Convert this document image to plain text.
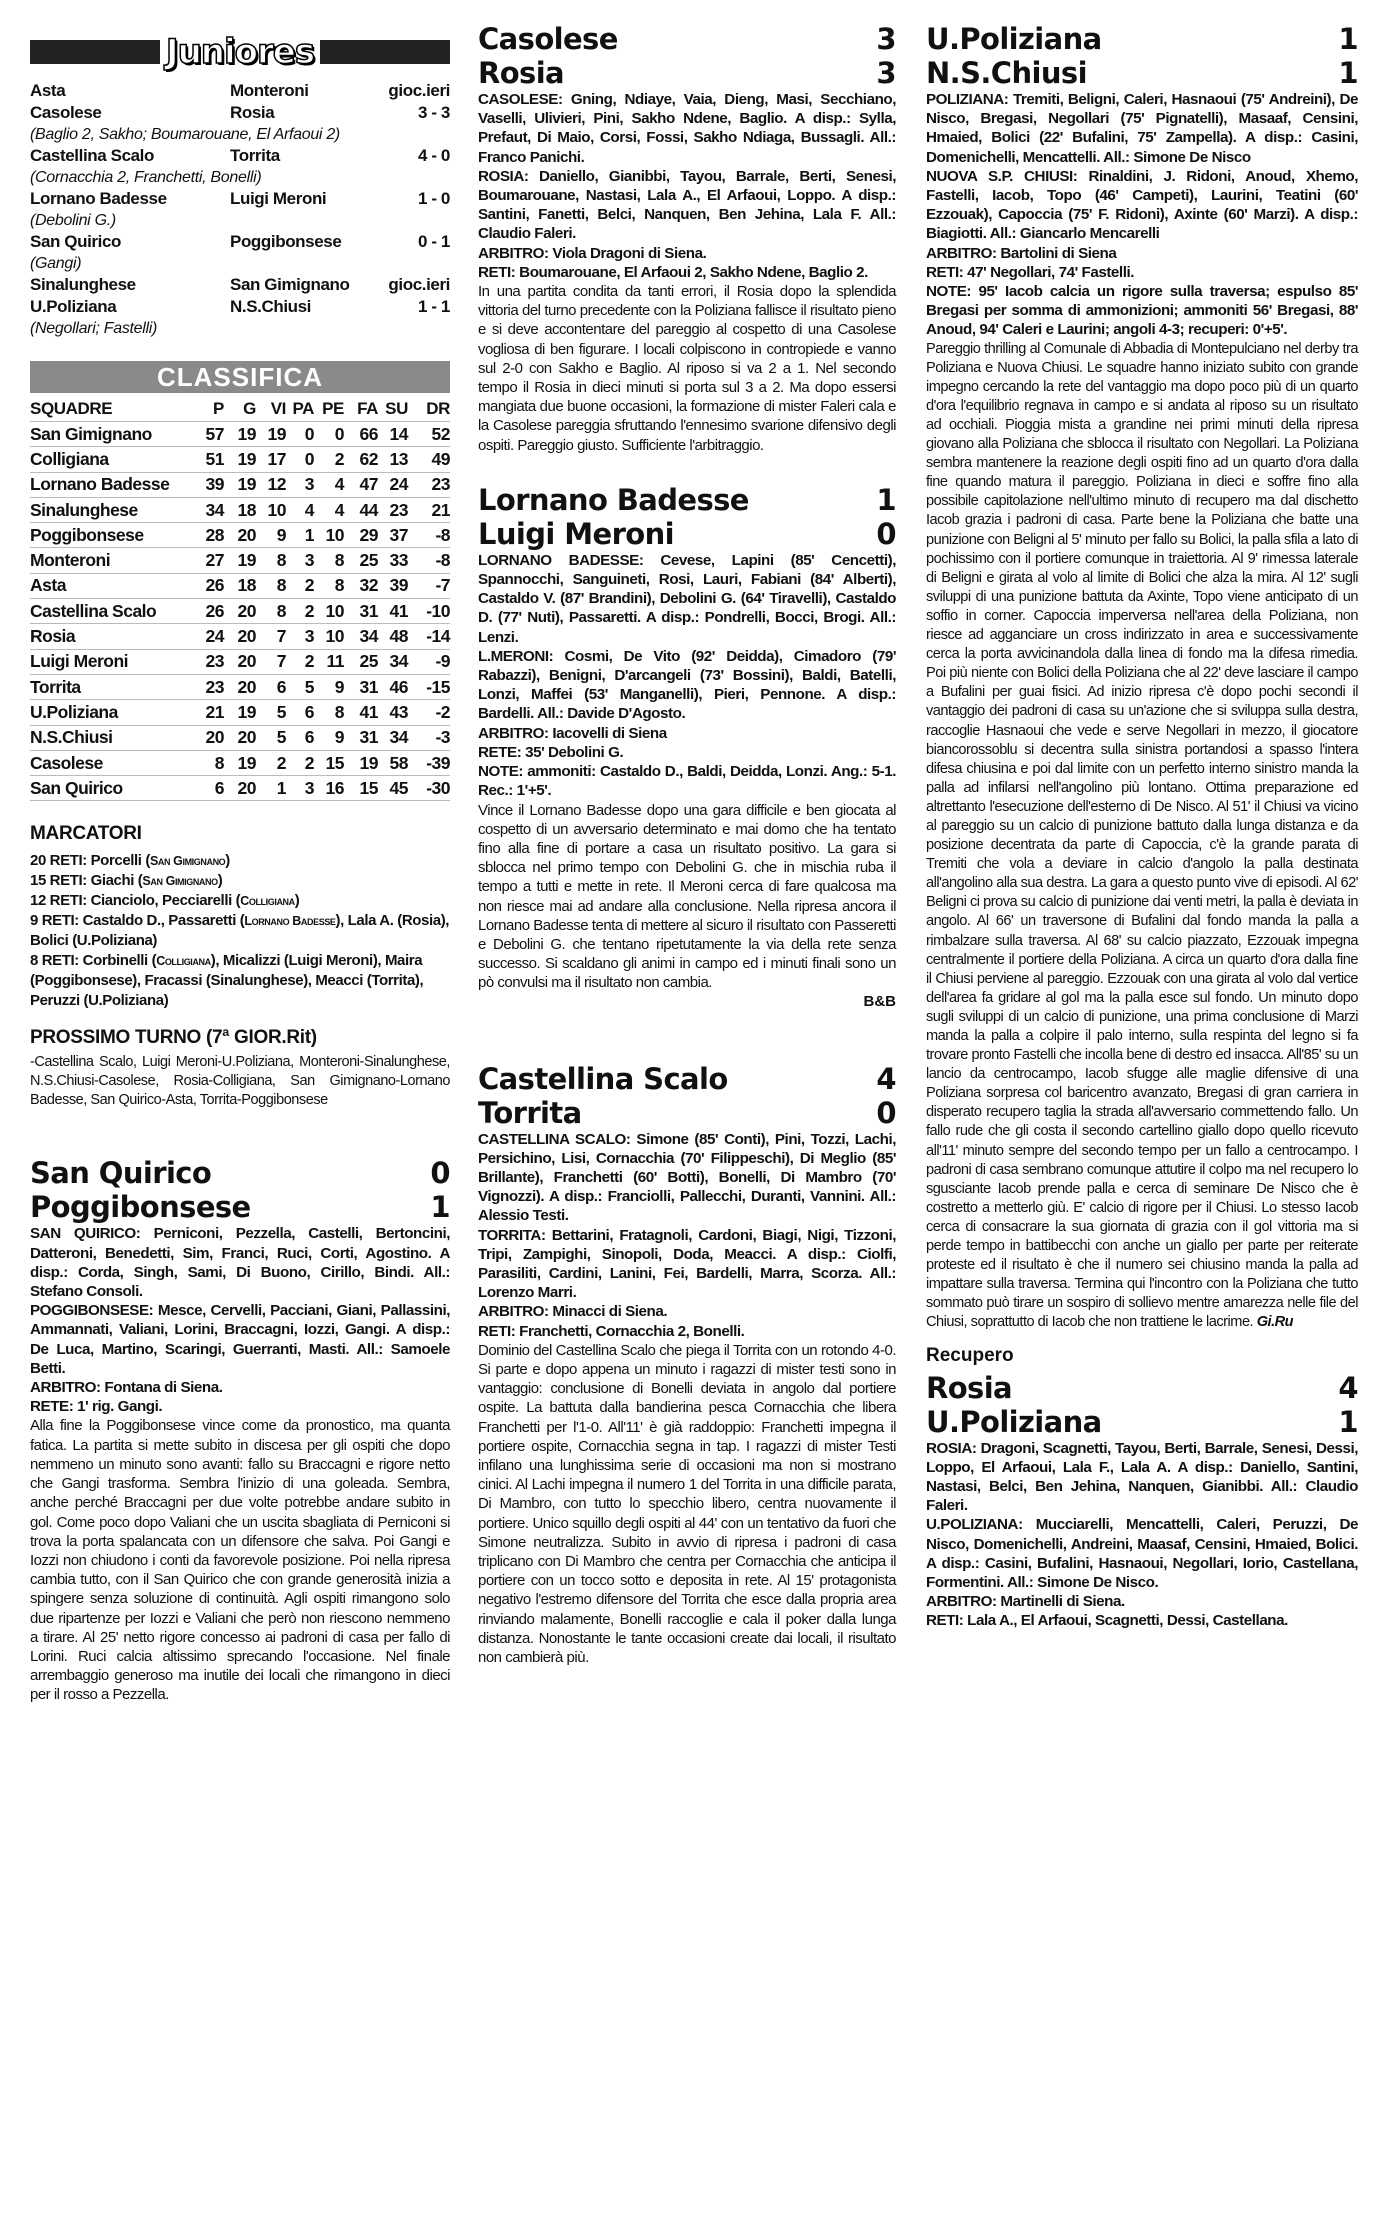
Juniores
Asta	Monteroni	gioc.ieri
Casolese	Rosia	3 - 3
(Baglio 2, Sakho; Boumarouane, El Arfaoui 2)
Castellina Scalo	Torrita	4 - 0
(Cornacchia 2, Franchetti, Bonelli)
Lornano Badesse	Luigi Meroni	1 - 0
(Debolini G.)
San Quirico	Poggibonsese	0 - 1
(Gangi)
Sinalunghese	San Gimignano	gioc.ieri
U.Poliziana	N.S.Chiusi	1 - 1
(Negollari; Fastelli)
CLASSIFICA
SQUADRE	P	G	VI	PA	PE	FA	SU	DR
San Gimignano	57	19	19	0	0	66	14	52
Colligiana	51	19	17	0	2	62	13	49
Lornano Badesse	39	19	12	3	4	47	24	23
Sinalunghese	34	18	10	4	4	44	23	21
Poggibonsese	28	20	9	1	10	29	37	-8
Monteroni	27	19	8	3	8	25	33	-8
Asta	26	18	8	2	8	32	39	-7
Castellina Scalo	26	20	8	2	10	31	41	-10
Rosia	24	20	7	3	10	34	48	-14
Luigi Meroni	23	20	7	2	11	25	34	-9
Torrita	23	20	6	5	9	31	46	-15
U.Poliziana	21	19	5	6	8	41	43	-2
N.S.Chiusi	20	20	5	6	9	31	34	-3
Casolese	8	19	2	2	15	19	58	-39
San Quirico	6	20	1	3	16	15	45	-30
MARCATORI
20 RETI: Porcelli (San Gimignano)
15 RETI: Giachi (San Gimignano)
12 RETI: Cianciolo, Pecciarelli (Colligiana)
9 RETI: Castaldo D., Passaretti (Lornano Badesse), Lala A. (Rosia), Bolici (U.Poliziana)
8 RETI: Corbinelli (Colligiana), Micalizzi (Luigi Meroni), Maira (Poggibonsese), Fracassi (Sinalunghese), Meacci (Torrita), Peruzzi (U.Poliziana)
PROSSIMO TURNO (7ª GIOR.Rit)
-Castellina Scalo, Luigi Meroni-U.Poliziana, Monteroni-Sinalunghese, N.S.Chiusi-Casolese, Rosia-Colligiana, San Gimignano-Lornano Badesse, San Quirico-Asta, Torrita-Poggibonsese
San Quirico	0
Poggibonsese	1

SAN QUIRICO: Perniconi, Pezzella, Castelli, Bertoncini, Datteroni, Benedetti, Sim, Franci, Ruci, Corti, Agostino. A disp.: Corda, Singh, Sami, Di Buono, Cirillo, Bindi. All.: Stefano Consoli.

POGGIBONSESE: Mesce, Cervelli, Pacciani, Giani, Pallassini, Ammannati, Valiani, Lorini, Braccagni, Iozzi, Gangi. A disp.: De Luca, Martino, Scaringi, Guerranti, Masti. All.: Samoele Betti.

ARBITRO: Fontana di Siena.

RETE: 1' rig. Gangi.

Alla fine la Poggibonsese vince come da pronostico, ma quanta fatica. La partita si mette subito in discesa per gli ospiti che dopo nemmeno un minuto sono avanti: fallo su Braccagni e rigore netto che Gangi trasforma. Sembra l'inizio di una goleada. Sembra, anche perché Braccagni per due volte potrebbe andare subito in gol. Come poco dopo Valiani che un uscita sbagliata di Perniconi si trova la porta spalancata con un difensore che salva. Poi Gangi e Iozzi non chiudono i conti da favorevole posizione. Poi nella ripresa cambia tutto, con il San Quirico che con grande generosità inizia a spingere senza soluzione di continuità. Agli ospiti rimangono solo due ripartenze per Iozzi e Valiani che però non riescono nemmeno a tirare. Al 25' netto rigore concesso ai padroni di casa per fallo di Lorini. Ruci calcia altissimo sprecando l'occasione. Nel finale arrembaggio generoso ma inutile dei locali che rimangono in dieci per il rosso a Pezzella.

Casolese	3
Rosia	3

CASOLESE: Gning, Ndiaye, Vaia, Dieng, Masi, Secchiano, Vaselli, Ulivieri, Pini, Sakho Ndene, Baglio. A disp.: Sylla, Prefaut, Di Maio, Corsi, Fossi, Sakho Ndiaga, Bussagli. All.: Franco Panichi.

ROSIA: Daniello, Gianibbi, Tayou, Barrale, Berti, Senesi, Boumarouane, Nastasi, Lala A., El Arfaoui, Loppo. A disp.: Santini, Fanetti, Belci, Nanquen, Ben Jehina, Lala F. All.: Claudio Faleri.

ARBITRO: Viola Dragoni di Siena.

RETI: Boumarouane, El Arfaoui 2, Sakho Ndene, Baglio 2.

In una partita condita da tanti errori, il Rosia dopo la splendida vittoria del turno precedente con la Poliziana fallisce il risultato pieno e si deve accontentare del pareggio al cospetto di una Casolese vogliosa di ben figurare. I locali colpiscono in contropiede e vanno sul 2-0 con Sakho e Baglio. Al riposo si va 2 a 1. Nel secondo tempo il Rosia in dieci minuti si porta sul 3 a 2. Ma dopo essersi mangiata due buone occasioni, la formazione di mister Faleri cala e la Casolese pareggia sfruttando l'ennesimo svarione difensivo degli ospiti. Pareggio giusto. Sufficiente l'arbitraggio.

Lornano Badesse	1
Luigi Meroni	0

LORNANO BADESSE: Cevese, Lapini (85' Cencetti), Spannocchi, Sanguineti, Rosi, Lauri, Fabiani (84' Alberti), Castaldo V. (87' Brandini), Debolini G. (64' Tiravelli), Castaldo D. (77' Nuti), Passaretti. A disp.: Pondrelli, Bocci, Brogi. All.: Lenzi.

L.MERONI: Cosmi, De Vito (92' Deidda), Cimadoro (79' Rabazzi), Benigni, D'arcangeli (73' Bossini), Baldi, Batelli, Lonzi, Maffei (53' Manganelli), Pieri, Pennone. A disp.: Bardelli. All.: Davide D'Agosto.

ARBITRO: Iacovelli di Siena

RETE: 35' Debolini G.

NOTE: ammoniti: Castaldo D., Baldi, Deidda, Lonzi. Ang.: 5-1. Rec.: 1'+5'.

Vince il Lornano Badesse dopo una gara difficile e ben giocata al cospetto di un avversario determinato e mai domo che ha tentato fino alla fine di portare a casa un risultato positivo. La gara si sblocca nel primo tempo con Debolini G. che in mischia ruba il tempo a tutti e mette in rete. Il Meroni cerca di fare qualcosa ma non riesce mai ad andare alla conclusione. Nella ripresa ancora il Lornano Badesse tenta di mettere al sicuro il risultato con Passeretti e Debolini G. che tentano ripetutamente la via della rete senza successo. Si scaldano gli animi in campo ed i minuti finali sono un pò convulsi ma il risultato non cambia.

B&B

Castellina Scalo	4
Torrita	0

CASTELLINA SCALO: Simone (85' Conti), Pini, Tozzi, Lachi, Persichino, Lisi, Cornacchia (70' Filippeschi), Di Meglio (85' Brillante), Franchetti (60' Botti), Bonelli, Di Mambro (70' Vignozzi). A disp.: Franciolli, Pallecchi, Duranti, Vannini. All.: Alessio Testi.

TORRITA: Bettarini, Fratagnoli, Cardoni, Biagi, Nigi, Tizzoni, Tripi, Zampighi, Sinopoli, Doda, Meacci. A disp.: Ciolfi, Parasiliti, Cardini, Lanini, Fei, Bardelli, Marra, Scorza. All.: Lorenzo Marri.

ARBITRO: Minacci di Siena.

RETI: Franchetti, Cornacchia 2, Bonelli.

Dominio del Castellina Scalo che piega il Torrita con un rotondo 4-0. Si parte e dopo appena un minuto i ragazzi di mister testi sono in vantaggio: conclusione di Bonelli deviata in angolo dal portiere ospite. La battuta dalla bandierina pesca Cornacchia che libera Franchetti per l'1-0. All'11' è già raddoppio: Franchetti impegna il portiere ospite, Cornacchia segna in tap. I ragazzi di mister Testi infilano una lunghissima serie di occasioni ma non si mostrano cinici. Al Lachi impegna il numero 1 del Torrita in una difficile parata, Di Mambro, con tutto lo specchio libero, centra nuovamente il portiere. Unico squillo degli ospiti al 44' con un tentativo da fuori che Simone neutralizza. Subito in avvio di ripresa i padroni di casa triplicano con Di Mambro che centra per Cornacchia che anticipa il portiere con un tocco sotto e deposita in rete. Al 15' protagonista negativo l'estremo difensore del Torrita che esce dalla propria area rinviando malamente, Bonelli raccoglie e cala il poker dalla lunga distanza. Nonostante le tante occasioni create dai locali, il risultato non cambierà più.

U.Poliziana	1
N.S.Chiusi	1

POLIZIANA: Tremiti, Beligni, Caleri, Hasnaoui (75' Andreini), De Nisco, Bregasi, Negollari (75' Pignatelli), Masaaf, Censini, Hmaied, Bolici (22' Bufalini, 75' Zampella). A disp.: Casini, Domenichelli, Mencattelli. All.: Simone De Nisco

NUOVA S.P. CHIUSI: Rinaldini, J. Ridoni, Anoud, Xhemo, Fastelli, Iacob, Topo (46' Campeti), Laurini, Teatini (60' Ezzouak), Capoccia (75' F. Ridoni), Axinte (60' Marzi). A disp.: Biagiotti. All.: Giancarlo Mencarelli

ARBITRO: Bartolini di Siena

RETI: 47' Negollari, 74' Fastelli.

NOTE: 95' Iacob calcia un rigore sulla traversa; espulso 85' Bregasi per somma di ammonizioni; ammoniti 56' Bregasi, 88' Anoud, 94' Caleri e Laurini; angoli 4-3; recuperi: 0'+5'.

Pareggio thrilling al Comunale di Abbadia di Montepulciano nel derby tra Poliziana e Nuova Chiusi. Le squadre hanno iniziato subito con grande impegno cercando la rete del vantaggio ma dopo poco più di un quarto d'ora l'equilibrio regnava in campo e si andata al riposo su un risultato ad occhiali. Pioggia mista a grandine nei primi minuti della ripresa giovano alla Poliziana che sblocca il risultato con Negollari. La Poliziana sembra mantenere la reazione degli ospiti fino ad un quarto d'ora dalla fine quando matura il pareggio. Poliziana in dieci e soffre fino alla possibile capitolazione nell'ultimo minuto di recupero ma dal dischetto Iacob grazia i padroni di casa. Parte bene la Poliziana che batte una punizione con Beligni al 5' minuto per fallo su Bolici, la palla sfila a lato di pochissimo con il portiere comunque in traiettoria. Al 9' rimessa laterale di Beligni e girata al volo al limite di Bolici che alza la mira. Al 12' sugli sviluppi di una punizione battuta da Axinte, Topo viene anticipato di un soffio in corner. Capoccia imperversa nell'area della Poliziana, non riesce ad agganciare un cross indirizzato in area e successivamente cerca la porta avvicinandola dalla linea di fondo ma la difesa rimedia. Poi più niente con Bolici della Poliziana che al 22' deve lasciare il campo a Bufalini per guai fisici. Ad inizio ripresa c'è dopo pochi secondi il vantaggio dei padroni di casa su un'azione che si sviluppa sulla destra, raccoglie Hasnaoui che vede e serve Negollari in mezzo, il giocatore biancorossoblu si decentra sulla sinistra portandosi a spasso l'intera difesa chiusina e poi dal limite con un perfetto interno sinistro manda la palla ad infilarsi nell'angolino più lontano. Ottima preparazione ed altrettanto l'esecuzione dell'esterno di De Nisco. Al 51' il Chiusi va vicino al pareggio su un calcio di punizione battuto dalla lunga distanza e da posizione decentrata da parte di Capoccia, c'è la grande parata di Tremiti che vola a deviare in calcio d'angolo la palla destinata all'angolino alla sua destra. La gara a questo punto vive di episodi. Al 62' Beligni ci prova su calcio di punizione dai venti metri, la palla è deviata in angolo. Al 66' un traversone di Bufalini dal fondo manda la palla a rimbalzare sulla traversa. Al 68' su calcio piazzato, Ezzouak impegna centralmente il portiere della Poliziana. A circa un quarto d'ora dalla fine il Chiusi perviene al pareggio. Ezzouak con una girata al volo dal vertice dell'area fa gridare al gol ma la palla esce sul fondo. Un minuto dopo sugli sviluppi di un calcio di punizione, una prima conclusione di Marzi manda la palla a colpire il palo interno, sulla respinta del legno si fa trovare pronto Fastelli che incolla bene di destro ed insacca. All'85' su un lancio da centrocampo, Iacob sfugge alle maglie difensive di una Poliziana sorpresa col baricentro avanzato, Bregasi di gran carriera in disperato recupero taglia la strada all'avversario commettendo fallo. Un fallo rude che gli costa il secondo cartellino giallo dopo quello ricevuto all'11' minuto sempre del secondo tempo per un fallo a centrocampo. I padroni di casa sembrano comunque attutire il colpo ma nel recupero lo sgusciante Iacob prende palla e cerca di seminare De Nisco che è costretto a metterlo giù. E' calcio di rigore per il Chiusi. Lo stesso Iacob cerca di consacrare la sua giornata di grazia con il gol vittoria ma si perde tempo in battibecchi con anche un giallo per parte per reiterate proteste ed il risultato è che il numero sei chiusino manda la palla ad impattare sulla traversa. Termina qui l'incontro con la Poliziana che tutto sommato può tirare un sospiro di sollievo mentre amarezza nelle file del Chiusi, soprattutto di Iacob che non trattiene le lacrime. Gi.Ru

Recupero
Rosia	4
U.Poliziana	1

ROSIA: Dragoni, Scagnetti, Tayou, Berti, Barrale, Senesi, Dessi, Loppo, El Arfaoui, Lala F., Lala A. A disp.: Daniello, Santini, Nastasi, Belci, Ben Jehina, Nanquen, Gianibbi. All.: Claudio Faleri.

U.POLIZIANA: Mucciarelli, Mencattelli, Caleri, Peruzzi, De Nisco, Domenichelli, Andreini, Maasaf, Censini, Hmaied, Bolici. A disp.: Casini, Bufalini, Hasnaoui, Negollari, Iorio, Castellana, Formentini. All.: Simone De Nisco.

ARBITRO: Martinelli di Siena.

RETI: Lala A., El Arfaoui, Scagnetti, Dessi, Castellana.
